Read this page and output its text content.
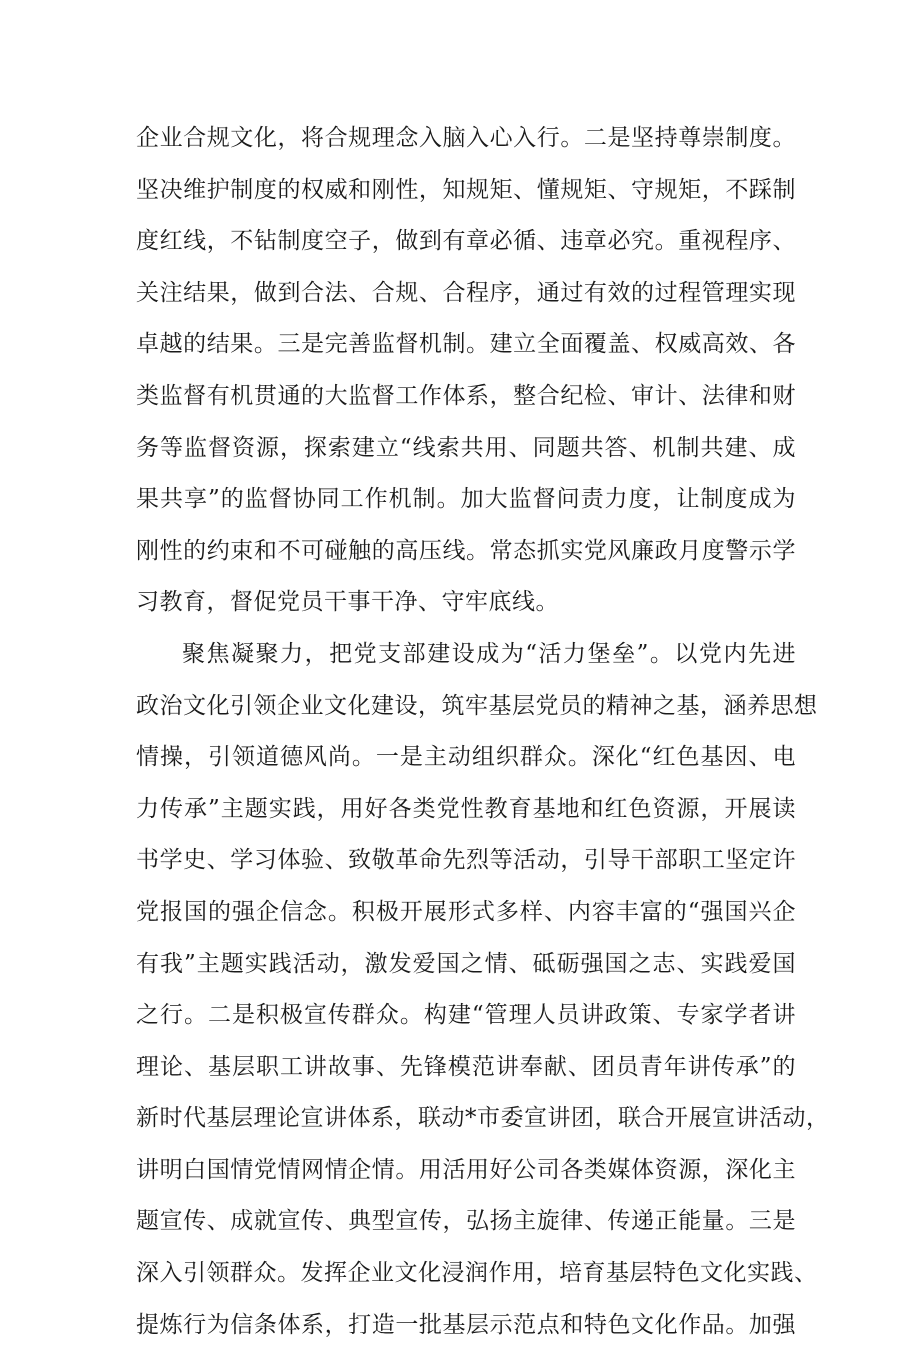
企业合规文化，将合规理念入脑入心入行。二是坚持尊崇制度。
坚决维护制度的权威和刚性，知规矩、懂规矩、守规矩，不踩制
度红线，不钻制度空子，做到有章必循、违章必究。重视程序、
关注结果，做到合法、合规、合程序，通过有效的过程管理实现
卓越的结果。三是完善监督机制。建立全面覆盖、权威高效、各
类监督有机贯通的大监督工作体系，整合纪检、审计、法律和财
务等监督资源，探索建立“线索共用、同题共答、机制共建、成
果共享”的监督协同工作机制。加大监督问责力度，让制度成为
刚性的约束和不可碰触的高压线。常态抓实党风廉政月度警示学
习教育，督促党员干事干净、守牢底线。
聚焦凝聚力，把党支部建设成为“活力堡垒”。以党内先进
政治文化引领企业文化建设，筑牢基层党员的精神之基，涵养思想
情操，引领道德风尚。一是主动组织群众。深化“红色基因、电
力传承”主题实践，用好各类党性教育基地和红色资源，开展读
书学史、学习体验、致敬革命先烈等活动，引导干部职工坚定许
党报国的强企信念。积极开展形式多样、内容丰富的“强国兴企
有我”主题实践活动，激发爱国之情、砥砺强国之志、实践爱国
之行。二是积极宣传群众。构建“管理人员讲政策、专家学者讲
理论、基层职工讲故事、先锋模范讲奉献、团员青年讲传承”的
新时代基层理论宣讲体系，联动*市委宣讲团，联合开展宣讲活动，
讲明白国情党情网情企情。用活用好公司各类媒体资源，深化主
题宣传、成就宣传、典型宣传，弘扬主旋律、传递正能量。三是
深入引领群众。发挥企业文化浸润作用，培育基层特色文化实践、
提炼行为信条体系，打造一批基层示范点和特色文化作品。加强
